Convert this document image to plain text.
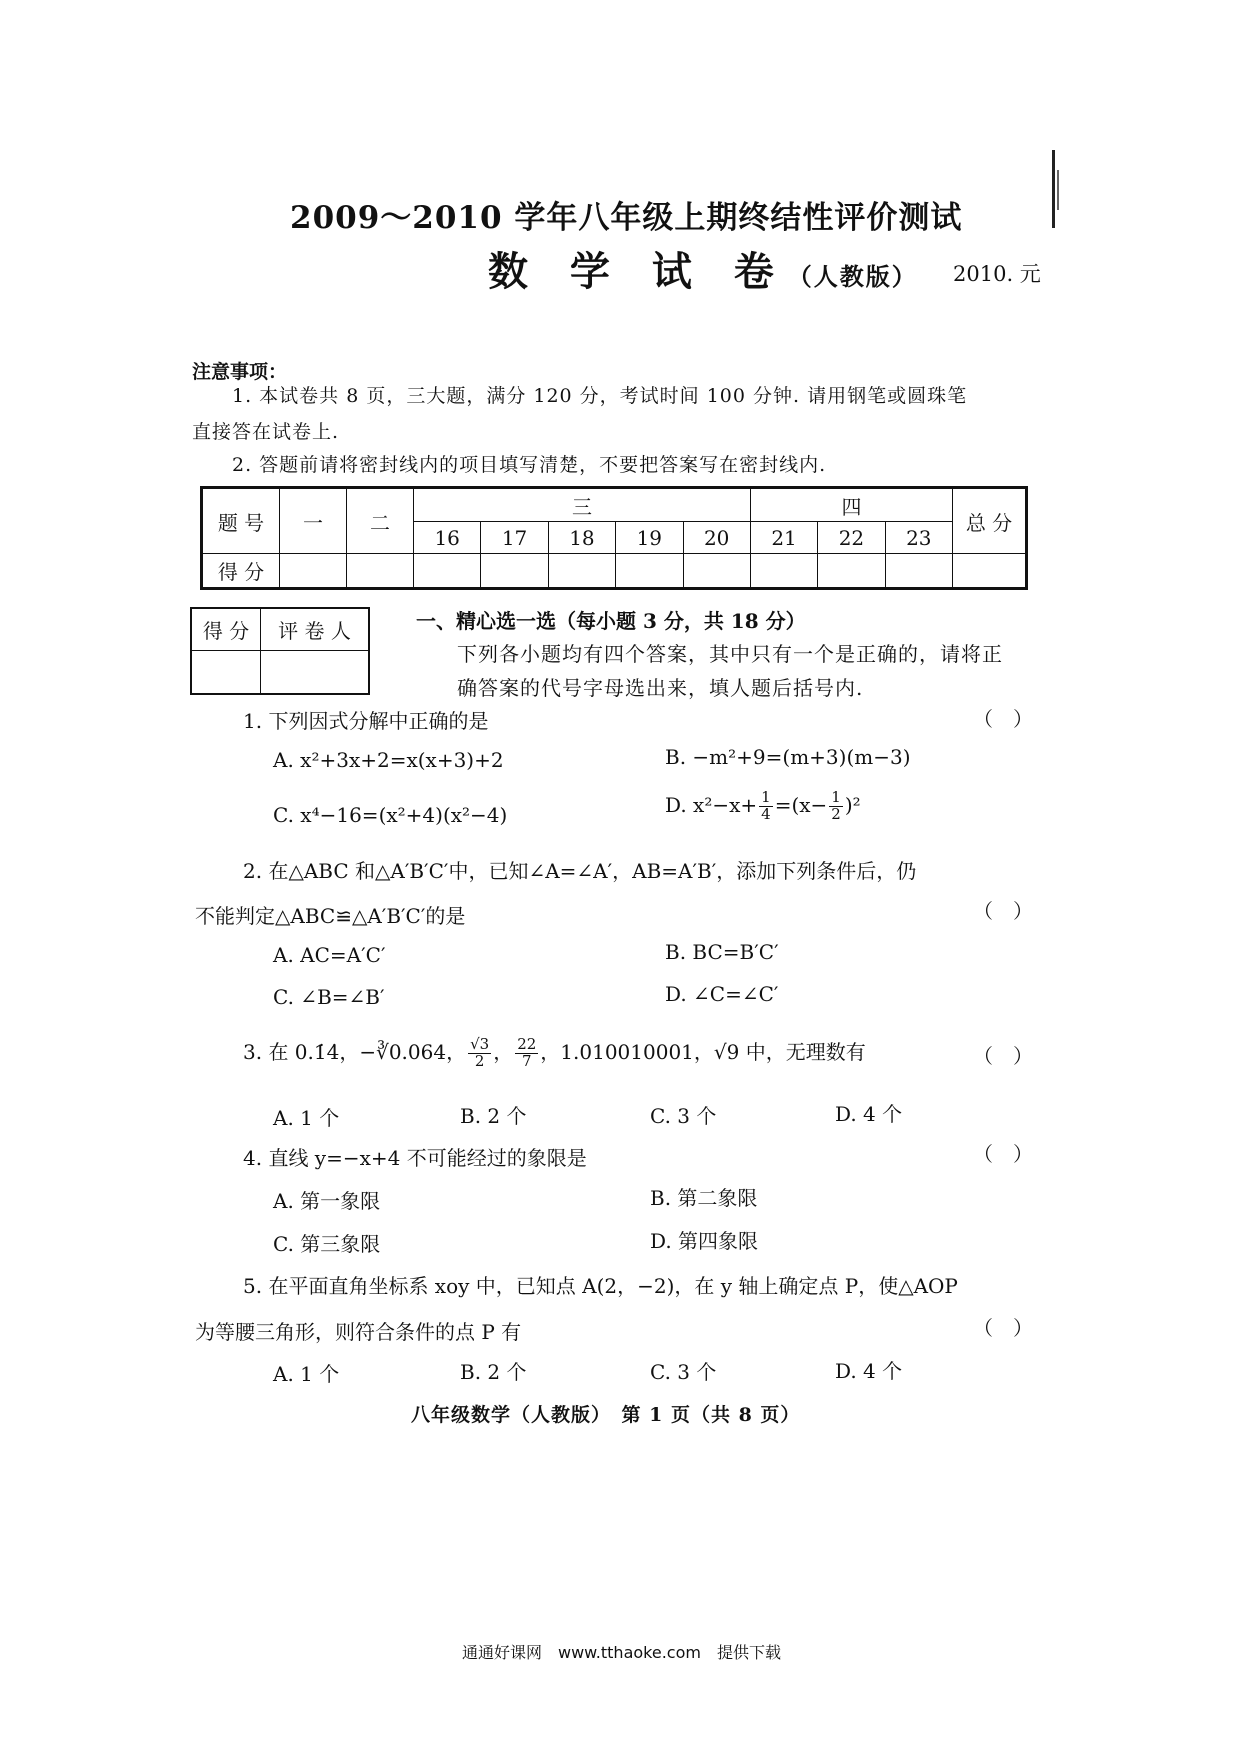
2009～2010 学年八年级上期终结性评价测试
数 学 试 卷（人教版） 2010. 元
注意事项：
1. 本试卷共 8 页，三大题，满分 120 分，考试时间 100 分钟. 请用钢笔或圆珠笔
直接答在试卷上.
2. 答题前请将密封线内的项目填写清楚，不要把答案写在密封线内.
题 号	一	二	三					四			总 分
			16	17	18	19	20	21	22	23	
得 分											
得 分	评 卷 人
		一、精心选一选（每小题 3 分，共 18 分）
下列各小题均有四个答案，其中只有一个是正确的，请将正
确答案的代号字母选出来，填人题后括号内.
1. 下列因式分解中正确的是	（　）
A. x²+3x+2=x(x+3)+2	B. −m²+9=(m+3)(m−3)
C. x⁴−16=(x²+4)(x²−4)	D. $x^2-x+ \frac{1}{4} =(x- \frac{1}{2} )^2$
2. 在△ABC 和△A′B′C′中，已知∠A=∠A′，AB=A′B′，添加下列条件后，仍
不能判定△ABC≌△A′B′C′的是	（　）
A. AC=A′C′	B. BC=B′C′
C. ∠B=∠B′	D. ∠C=∠C′
3. 在 0.1̇4̇，−∛0.064， $\frac{√3}{2}$ ， $\frac{22}{7}$ ，1.010010001，√9 中，无理数有	（　）
A. 1 个	B. 2 个	C. 3 个	D. 4 个
4. 直线 y=−x+4 不可能经过的象限是	（　）
A. 第一象限	B. 第二象限
C. 第三象限	D. 第四象限
5. 在平面直角坐标系 xoy 中，已知点 A(2，−2)，在 y 轴上确定点 P，使△AOP
为等腰三角形，则符合条件的点 P 有	（　）
A. 1 个	B. 2 个	C. 3 个	D. 4 个
八年级数学（人教版）　第 1 页（共 8 页）
通通好课网　www.tthaoke.com　提供下载
